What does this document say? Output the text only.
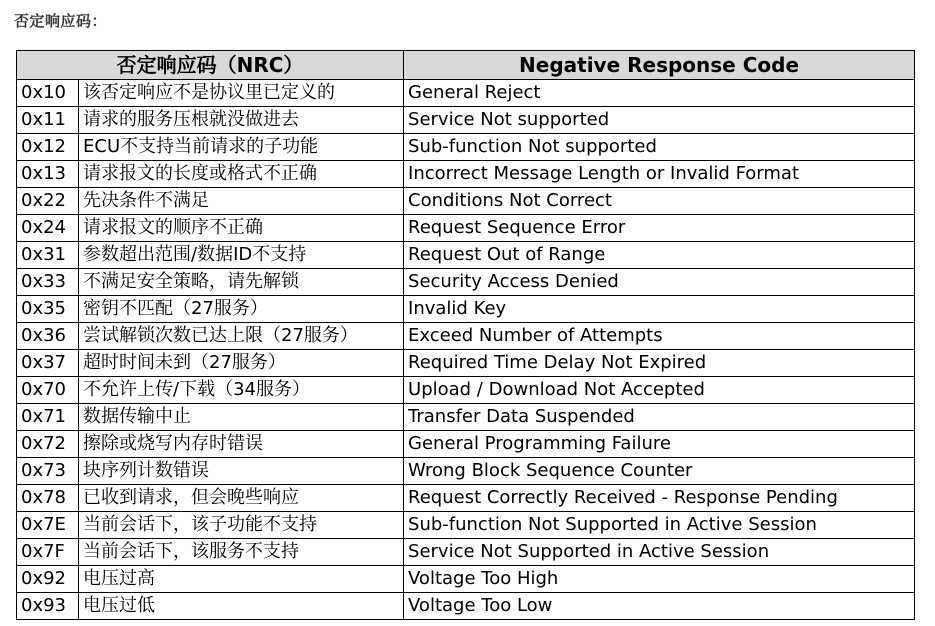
否定响应码：
否定响应码（NRC）		Negative Response Code
0x10	该否定响应不是协议里已定义的	General Reject
0x11	请求的服务压根就没做进去	Service Not supported
0x12	ECU不支持当前请求的子功能	Sub-function Not supported
0x13	请求报文的长度或格式不正确	Incorrect Message Length or Invalid Format
0x22	先决条件不满足	Conditions Not Correct
0x24	请求报文的顺序不正确	Request Sequence Error
0x31	参数超出范围/数据ID不支持	Request Out of Range
0x33	不满足安全策略，请先解锁	Security Access Denied
0x35	密钥不匹配（27服务）	Invalid Key
0x36	尝试解锁次数已达上限（27服务）	Exceed Number of Attempts
0x37	超时时间未到（27服务）	Required Time Delay Not Expired
0x70	不允许上传/下载（34服务）	Upload / Download Not Accepted
0x71	数据传输中止	Transfer Data Suspended
0x72	擦除或烧写内存时错误	General Programming Failure
0x73	块序列计数错误	Wrong Block Sequence Counter
0x78	已收到请求，但会晚些响应	Request Correctly Received - Response Pending
0x7E	当前会话下，该子功能不支持	Sub-function Not Supported in Active Session
0x7F	当前会话下，该服务不支持	Service Not Supported in Active Session
0x92	电压过高	Voltage Too High
0x93	电压过低	Voltage Too Low
